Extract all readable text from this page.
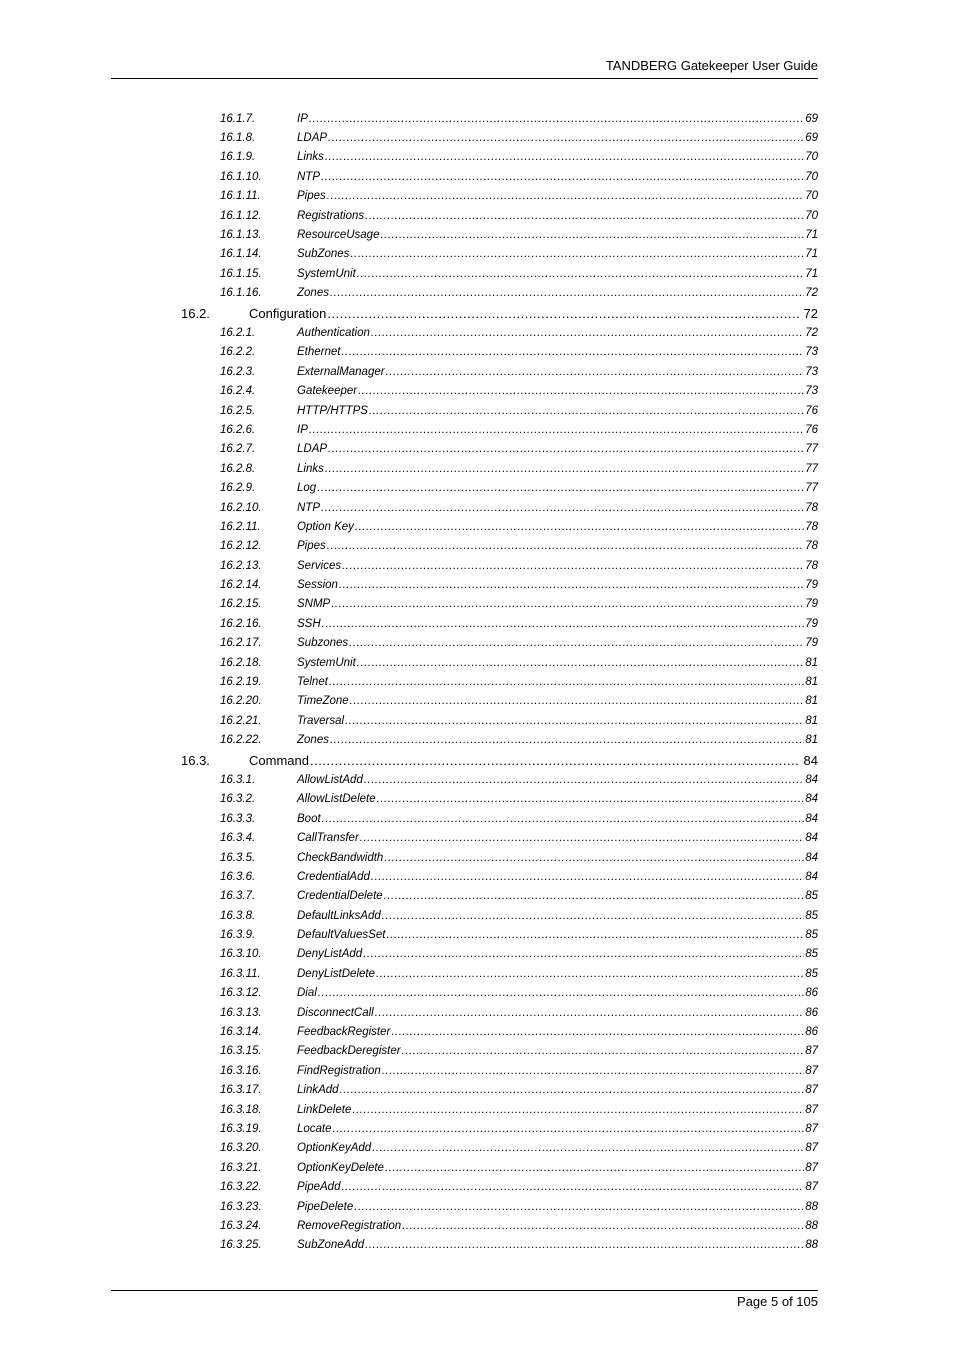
TANDBERG Gatekeeper User Guide
16.1.7.	IP .....	69
16.1.8.	LDAP .....	69
16.1.9.	Links .....	70
16.1.10.	NTP .....	70
16.1.11.	Pipes .....	70
16.1.12.	Registrations .....	70
16.1.13.	ResourceUsage .....	71
16.1.14.	SubZones .....	71
16.1.15.	SystemUnit .....	71
16.1.16.	Zones .....	72
16.2.	Configuration .....	72
16.2.1.	Authentication .....	72
16.2.2.	Ethernet .....	73
16.2.3.	ExternalManager .....	73
16.2.4.	Gatekeeper .....	73
16.2.5.	HTTP/HTTPS .....	76
16.2.6.	IP .....	76
16.2.7.	LDAP .....	77
16.2.8.	Links .....	77
16.2.9.	Log .....	77
16.2.10.	NTP .....	78
16.2.11.	Option Key .....	78
16.2.12.	Pipes .....	78
16.2.13.	Services .....	78
16.2.14.	Session .....	79
16.2.15.	SNMP .....	79
16.2.16.	SSH .....	79
16.2.17.	Subzones .....	79
16.2.18.	SystemUnit .....	81
16.2.19.	Telnet .....	81
16.2.20.	TimeZone .....	81
16.2.21.	Traversal .....	81
16.2.22.	Zones .....	81
16.3.	Command .....	84
16.3.1.	AllowListAdd .....	84
16.3.2.	AllowListDelete .....	84
16.3.3.	Boot .....	84
16.3.4.	CallTransfer .....	84
16.3.5.	CheckBandwidth .....	84
16.3.6.	CredentialAdd .....	84
16.3.7.	CredentialDelete .....	85
16.3.8.	DefaultLinksAdd .....	85
16.3.9.	DefaultValuesSet .....	85
16.3.10.	DenyListAdd .....	85
16.3.11.	DenyListDelete .....	85
16.3.12.	Dial .....	86
16.3.13.	DisconnectCall .....	86
16.3.14.	FeedbackRegister .....	86
16.3.15.	FeedbackDeregister .....	87
16.3.16.	FindRegistration .....	87
16.3.17.	LinkAdd .....	87
16.3.18.	LinkDelete .....	87
16.3.19.	Locate .....	87
16.3.20.	OptionKeyAdd .....	87
16.3.21.	OptionKeyDelete .....	87
16.3.22.	PipeAdd .....	87
16.3.23.	PipeDelete .....	88
16.3.24.	RemoveRegistration .....	88
16.3.25.	SubZoneAdd .....	88
Page 5 of 105
